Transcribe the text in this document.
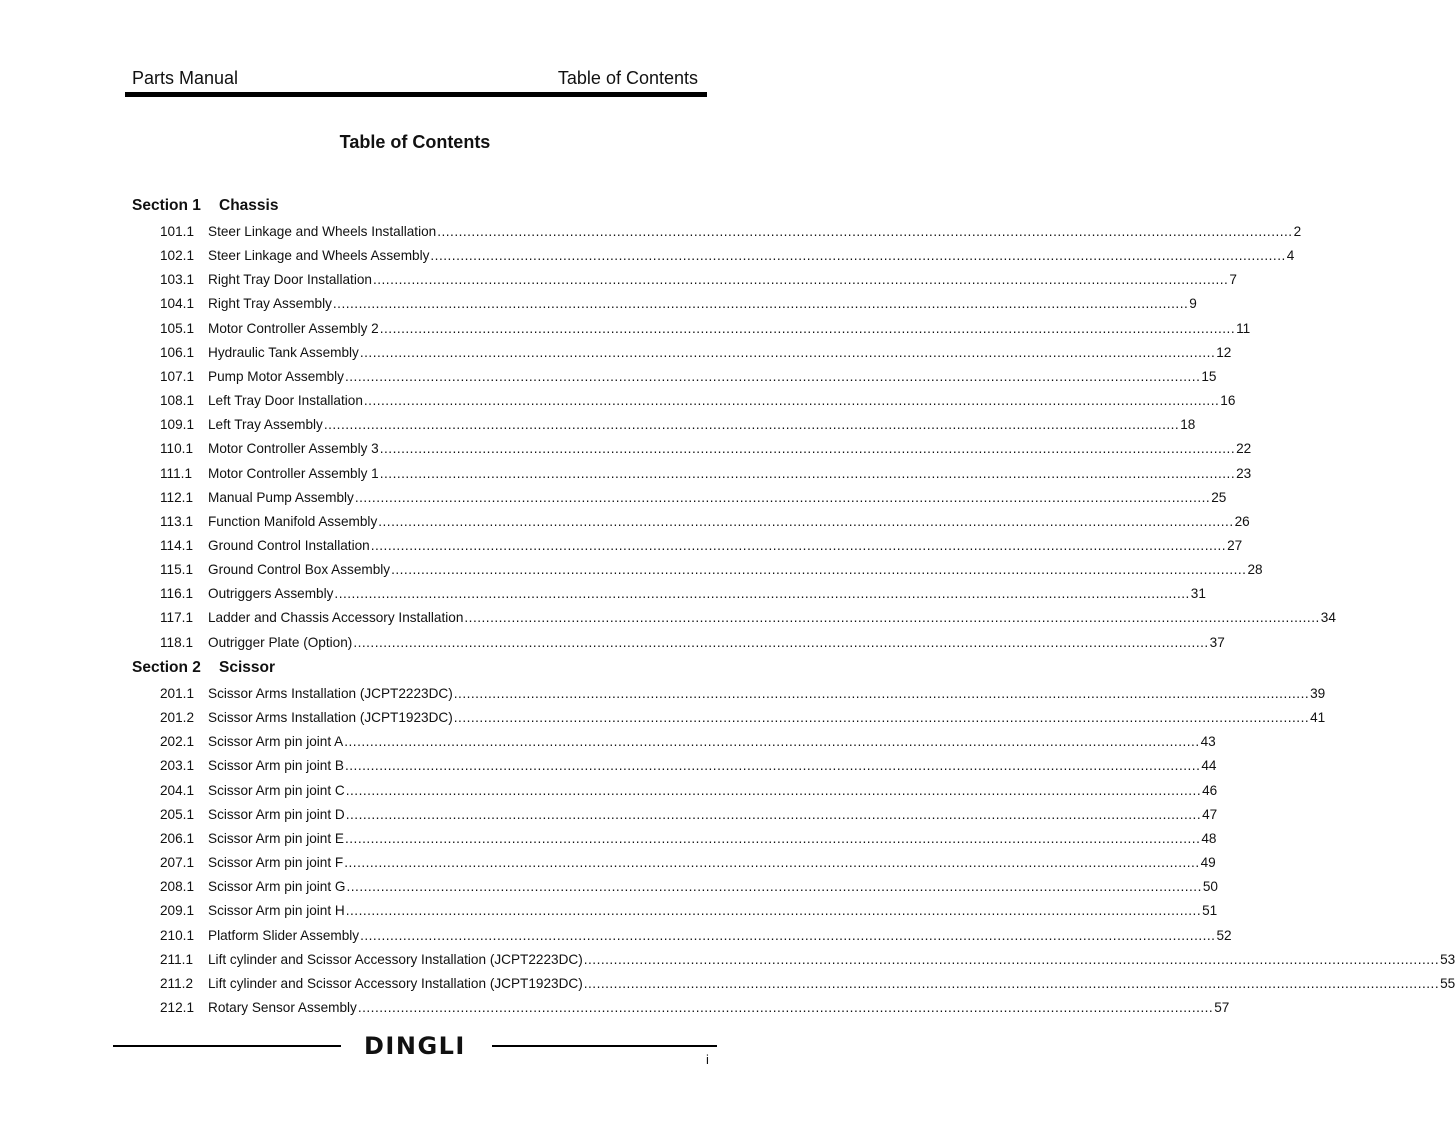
Parts Manual	Table of Contents
Table of Contents
Section 1 Chassis
101.1	Steer Linkage and Wheels Installation ........................................................................................................................................................................................................ 2
102.1	Steer Linkage and Wheels Assembly ........................................................................................................................................................................................................ 4
103.1	Right Tray Door Installation ........................................................................................................................................................................................................ 7
104.1	Right Tray Assembly ........................................................................................................................................................................................................ 9
105.1	Motor Controller Assembly 2 ........................................................................................................................................................................................................ 11
106.1	Hydraulic Tank Assembly ........................................................................................................................................................................................................ 12
107.1	Pump Motor Assembly ........................................................................................................................................................................................................ 15
108.1	Left Tray Door Installation ........................................................................................................................................................................................................ 16
109.1	Left Tray Assembly ........................................................................................................................................................................................................ 18
110.1	Motor Controller Assembly 3 ........................................................................................................................................................................................................ 22
111.1	Motor Controller Assembly 1 ........................................................................................................................................................................................................ 23
112.1	Manual Pump Assembly ........................................................................................................................................................................................................ 25
113.1	Function Manifold Assembly ........................................................................................................................................................................................................ 26
114.1	Ground Control Installation ........................................................................................................................................................................................................ 27
115.1	Ground Control Box Assembly ........................................................................................................................................................................................................ 28
116.1	Outriggers Assembly ........................................................................................................................................................................................................ 31
117.1	Ladder and Chassis Accessory Installation ........................................................................................................................................................................................................ 34
118.1	Outrigger Plate (Option) ........................................................................................................................................................................................................ 37
Section 2 Scissor
201.1	Scissor Arms Installation (JCPT2223DC) ........................................................................................................................................................................................................ 39
201.2	Scissor Arms Installation (JCPT1923DC) ........................................................................................................................................................................................................ 41
202.1	Scissor Arm pin joint A ........................................................................................................................................................................................................ 43
203.1	Scissor Arm pin joint B ........................................................................................................................................................................................................ 44
204.1	Scissor Arm pin joint C ........................................................................................................................................................................................................ 46
205.1	Scissor Arm pin joint D ........................................................................................................................................................................................................ 47
206.1	Scissor Arm pin joint E ........................................................................................................................................................................................................ 48
207.1	Scissor Arm pin joint F ........................................................................................................................................................................................................ 49
208.1	Scissor Arm pin joint G ........................................................................................................................................................................................................ 50
209.1	Scissor Arm pin joint H ........................................................................................................................................................................................................ 51
210.1	Platform Slider Assembly ........................................................................................................................................................................................................ 52
211.1	Lift cylinder and Scissor Accessory Installation (JCPT2223DC) ........................................................................................................................................................................................................ 53
211.2	Lift cylinder and Scissor Accessory Installation (JCPT1923DC) ........................................................................................................................................................................................................ 55
212.1	Rotary Sensor Assembly ........................................................................................................................................................................................................ 57
DINGLI	i
